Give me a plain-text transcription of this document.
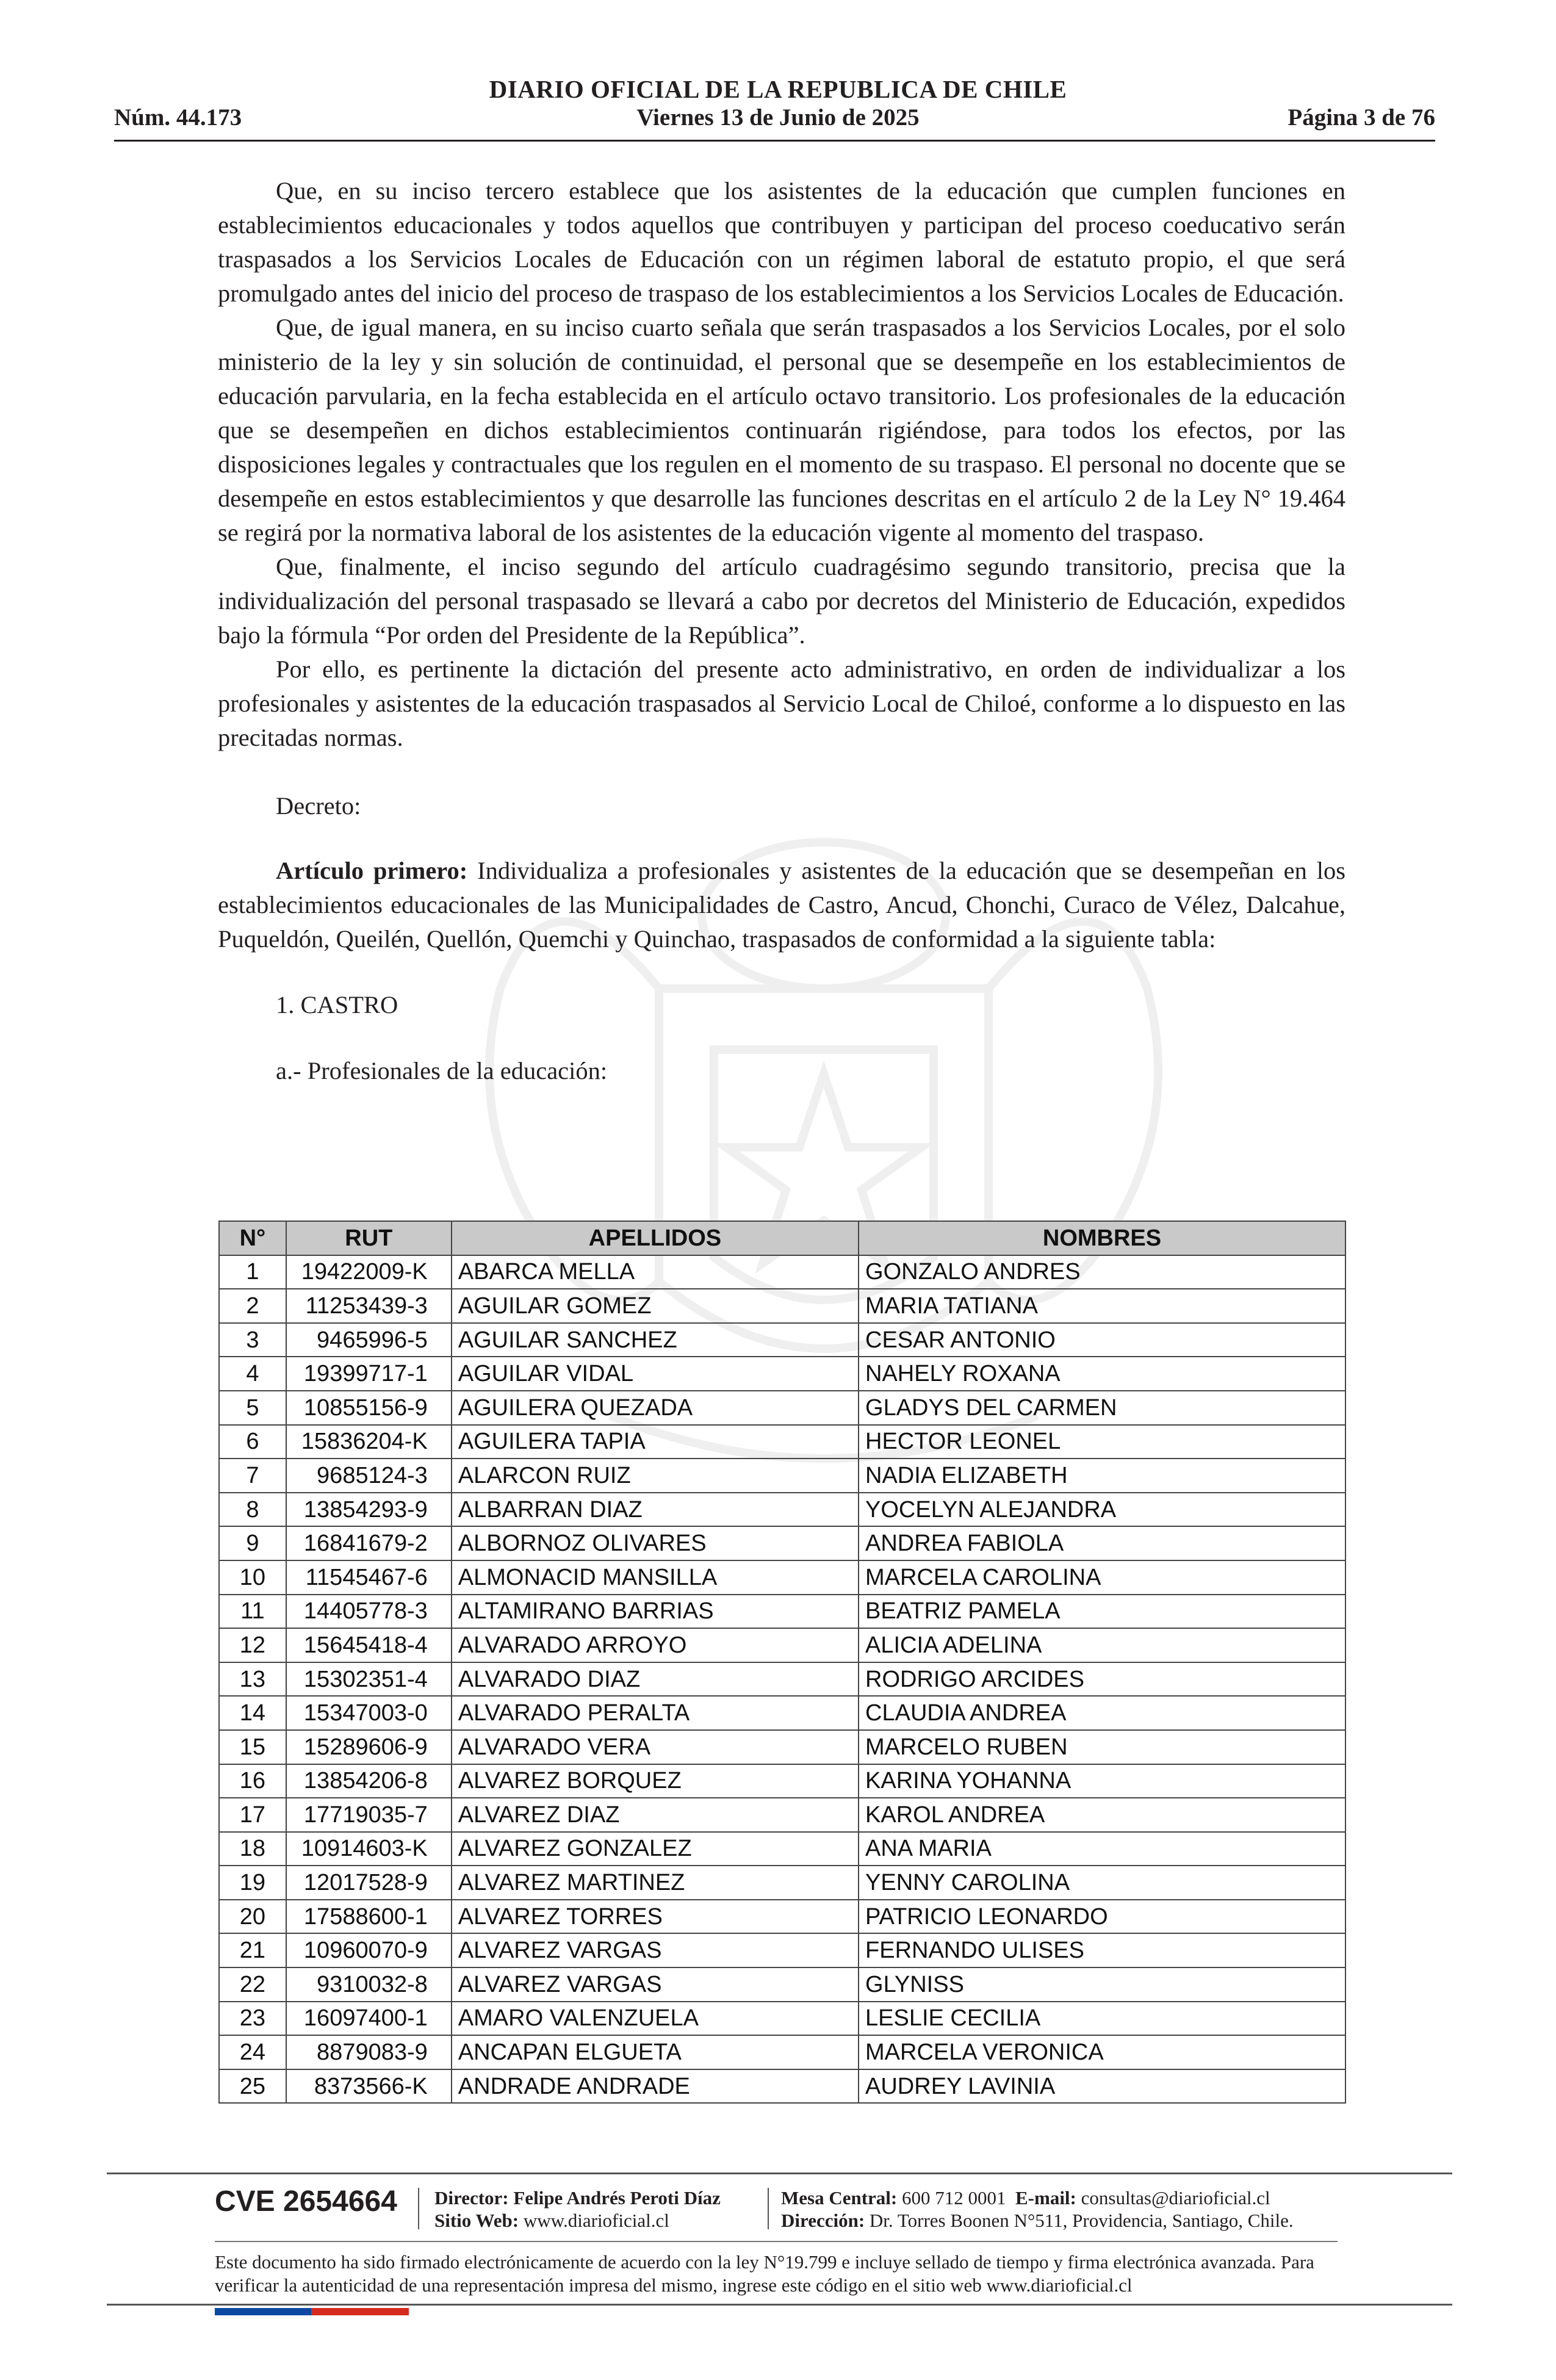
DIARIO OFICIAL DE LA REPUBLICA DE CHILE
Núm. 44.173	Viernes 13 de Junio de 2025	Página 3 de 76

Que, en su inciso tercero establece que los asistentes de la educación que cumplen funciones en establecimientos educacionales y todos aquellos que contribuyen y participan del proceso coeducativo serán traspasados a los Servicios Locales de Educación con un régimen laboral de estatuto propio, el que será promulgado antes del inicio del proceso de traspaso de los establecimientos a los Servicios Locales de Educación.

Que, de igual manera, en su inciso cuarto señala que serán traspasados a los Servicios Locales, por el solo ministerio de la ley y sin solución de continuidad, el personal que se desempeñe en los establecimientos de educación parvularia, en la fecha establecida en el artículo octavo transitorio. Los profesionales de la educación que se desempeñen en dichos establecimientos continuarán rigiéndose, para todos los efectos, por las disposiciones legales y contractuales que los regulen en el momento de su traspaso. El personal no docente que se desempeñe en estos establecimientos y que desarrolle las funciones descritas en el artículo 2 de la Ley N° 19.464 se regirá por la normativa laboral de los asistentes de la educación vigente al momento del traspaso.

Que, finalmente, el inciso segundo del artículo cuadragésimo segundo transitorio, precisa que la individualización del personal traspasado se llevará a cabo por decretos del Ministerio de Educación, expedidos bajo la fórmula “Por orden del Presidente de la República”.

Por ello, es pertinente la dictación del presente acto administrativo, en orden de individualizar a los profesionales y asistentes de la educación traspasados al Servicio Local de Chiloé, conforme a lo dispuesto en las precitadas normas.

Decreto:

Artículo primero: Individualiza a profesionales y asistentes de la educación que se desempeñan en los establecimientos educacionales de las Municipalidades de Castro, Ancud, Chonchi, Curaco de Vélez, Dalcahue, Puqueldón, Queilén, Quellón, Quemchi y Quinchao, traspasados de conformidad a la siguiente tabla:

1. CASTRO

a.- Profesionales de la educación:

N°	RUT	APELLIDOS	NOMBRES
1	19422009-K	ABARCA MELLA	GONZALO ANDRES
2	11253439-3	AGUILAR GOMEZ	MARIA TATIANA
3	9465996-5	AGUILAR SANCHEZ	CESAR ANTONIO
4	19399717-1	AGUILAR VIDAL	NAHELY ROXANA
5	10855156-9	AGUILERA QUEZADA	GLADYS DEL CARMEN
6	15836204-K	AGUILERA TAPIA	HECTOR LEONEL
7	9685124-3	ALARCON RUIZ	NADIA ELIZABETH
8	13854293-9	ALBARRAN DIAZ	YOCELYN ALEJANDRA
9	16841679-2	ALBORNOZ OLIVARES	ANDREA FABIOLA
10	11545467-6	ALMONACID MANSILLA	MARCELA CAROLINA
11	14405778-3	ALTAMIRANO BARRIAS	BEATRIZ PAMELA
12	15645418-4	ALVARADO ARROYO	ALICIA ADELINA
13	15302351-4	ALVARADO DIAZ	RODRIGO ARCIDES
14	15347003-0	ALVARADO PERALTA	CLAUDIA ANDREA
15	15289606-9	ALVARADO VERA	MARCELO RUBEN
16	13854206-8	ALVAREZ BORQUEZ	KARINA YOHANNA
17	17719035-7	ALVAREZ DIAZ	KAROL ANDREA
18	10914603-K	ALVAREZ GONZALEZ	ANA MARIA
19	12017528-9	ALVAREZ MARTINEZ	YENNY CAROLINA
20	17588600-1	ALVAREZ TORRES	PATRICIO LEONARDO
21	10960070-9	ALVAREZ VARGAS	FERNANDO ULISES
22	9310032-8	ALVAREZ VARGAS	GLYNISS
23	16097400-1	AMARO VALENZUELA	LESLIE CECILIA
24	8879083-9	ANCAPAN ELGUETA	MARCELA VERONICA
25	8373566-K	ANDRADE ANDRADE	AUDREY LAVINIA
CVE 2654664 Director: Felipe Andrés Peroti Díaz
Sitio Web: www.diarioficial.cl
Mesa Central: 600 712 0001 E-mail: consultas@diarioficial.cl
Dirección: Dr. Torres Boonen N°511, Providencia, Santiago, Chile.
Este documento ha sido firmado electrónicamente de acuerdo con la ley N°19.799 e incluye sellado de tiempo y firma electrónica avanzada. Para verificar la autenticidad de una representación impresa del mismo, ingrese este código en el sitio web www.diarioficial.cl
